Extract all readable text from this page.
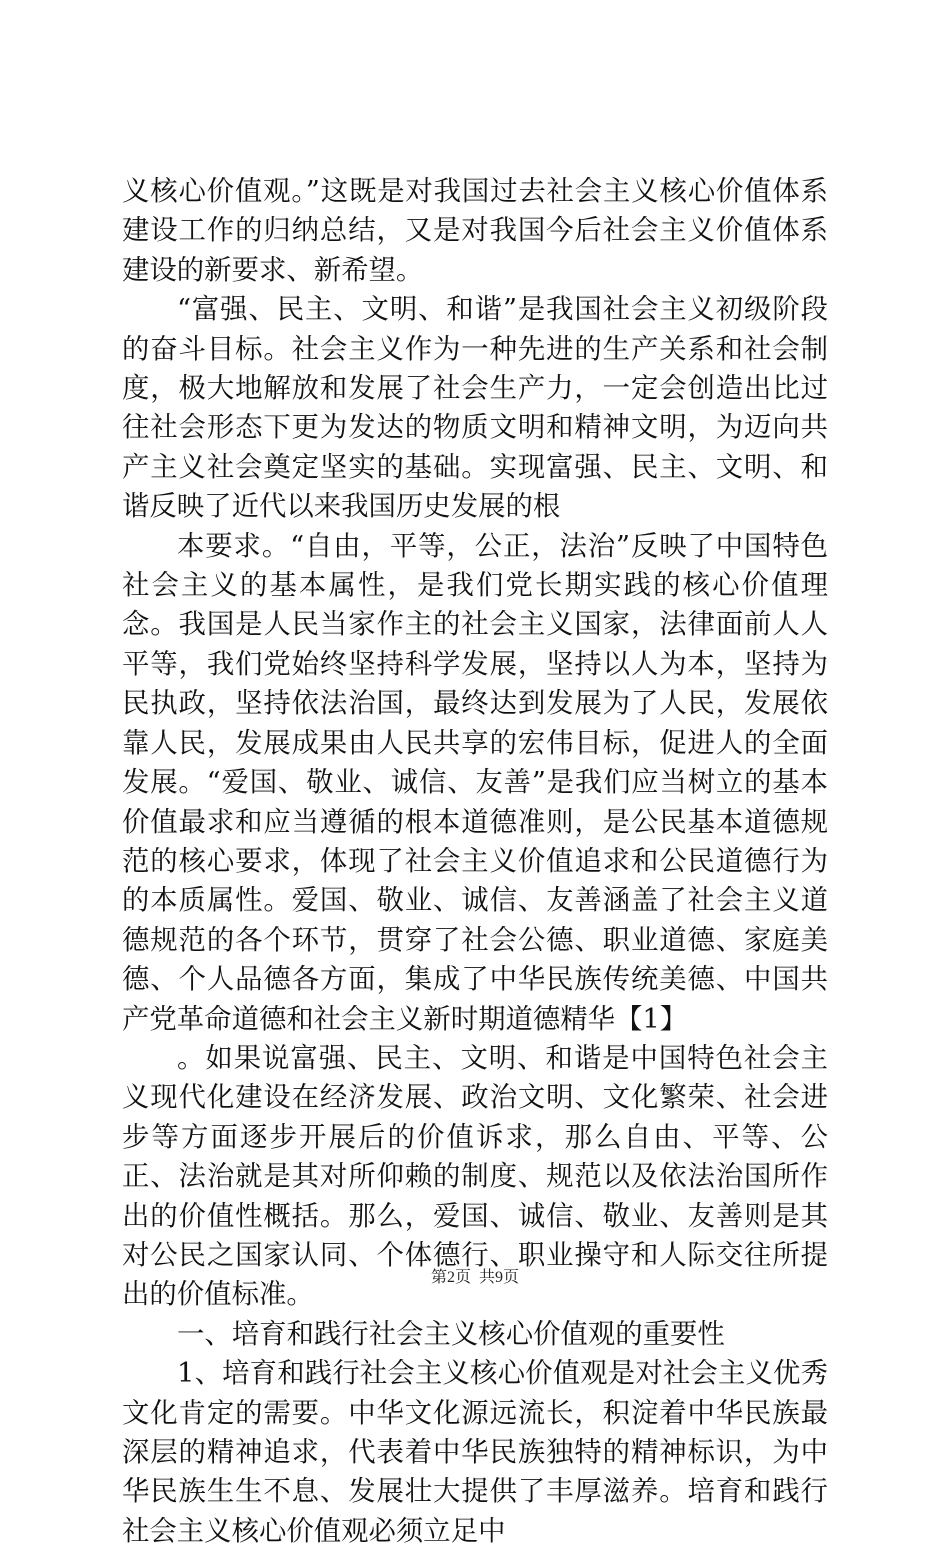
义核心价值观。”这既是对我国过去社会主义核心价值体系建设工作的归纳总结，又是对我国今后社会主义价值体系建设的新要求、新希望。

“富强、民主、文明、和谐”是我国社会主义初级阶段的奋斗目标。社会主义作为一种先进的生产关系和社会制度，极大地解放和发展了社会生产力，一定会创造出比过往社会形态下更为发达的物质文明和精神文明，为迈向共产主义社会奠定坚实的基础。实现富强、民主、文明、和谐反映了近代以来我国历史发展的根

本要求。“自由，平等，公正，法治”反映了中国特色社会主义的基本属性，是我们党长期实践的核心价值理念。我国是人民当家作主的社会主义国家，法律面前人人平等，我们党始终坚持科学发展，坚持以人为本，坚持为民执政，坚持依法治国，最终达到发展为了人民，发展依靠人民，发展成果由人民共享的宏伟目标，促进人的全面发展。“爱国、敬业、诚信、友善”是我们应当树立的基本价值最求和应当遵循的根本道德准则，是公民基本道德规范的核心要求，体现了社会主义价值追求和公民道德行为的本质属性。爱国、敬业、诚信、友善涵盖了社会主义道德规范的各个环节，贯穿了社会公德、职业道德、家庭美德、个人品德各方面，集成了中华民族传统美德、中国共产党革命道德和社会主义新时期道德精华【1】

。如果说富强、民主、文明、和谐是中国特色社会主义现代化建设在经济发展、政治文明、文化繁荣、社会进步等方面逐步开展后的价值诉求，那么自由、平等、公正、法治就是其对所仰赖的制度、规范以及依法治国所作出的价值性概括。那么，爱国、诚信、敬业、友善则是其对公民之国家认同、个体德行、职业操守和人际交往所提出的价值标准。

一、培育和践行社会主义核心价值观的重要性

1、培育和践行社会主义核心价值观是对社会主义优秀文化肯定的需要。中华文化源远流长，积淀着中华民族最深层的精神追求，代表着中华民族独特的精神标识，为中华民族生生不息、发展壮大提供了丰厚滋养。培育和践行社会主义核心价值观必须立足中

第2页  共9页
